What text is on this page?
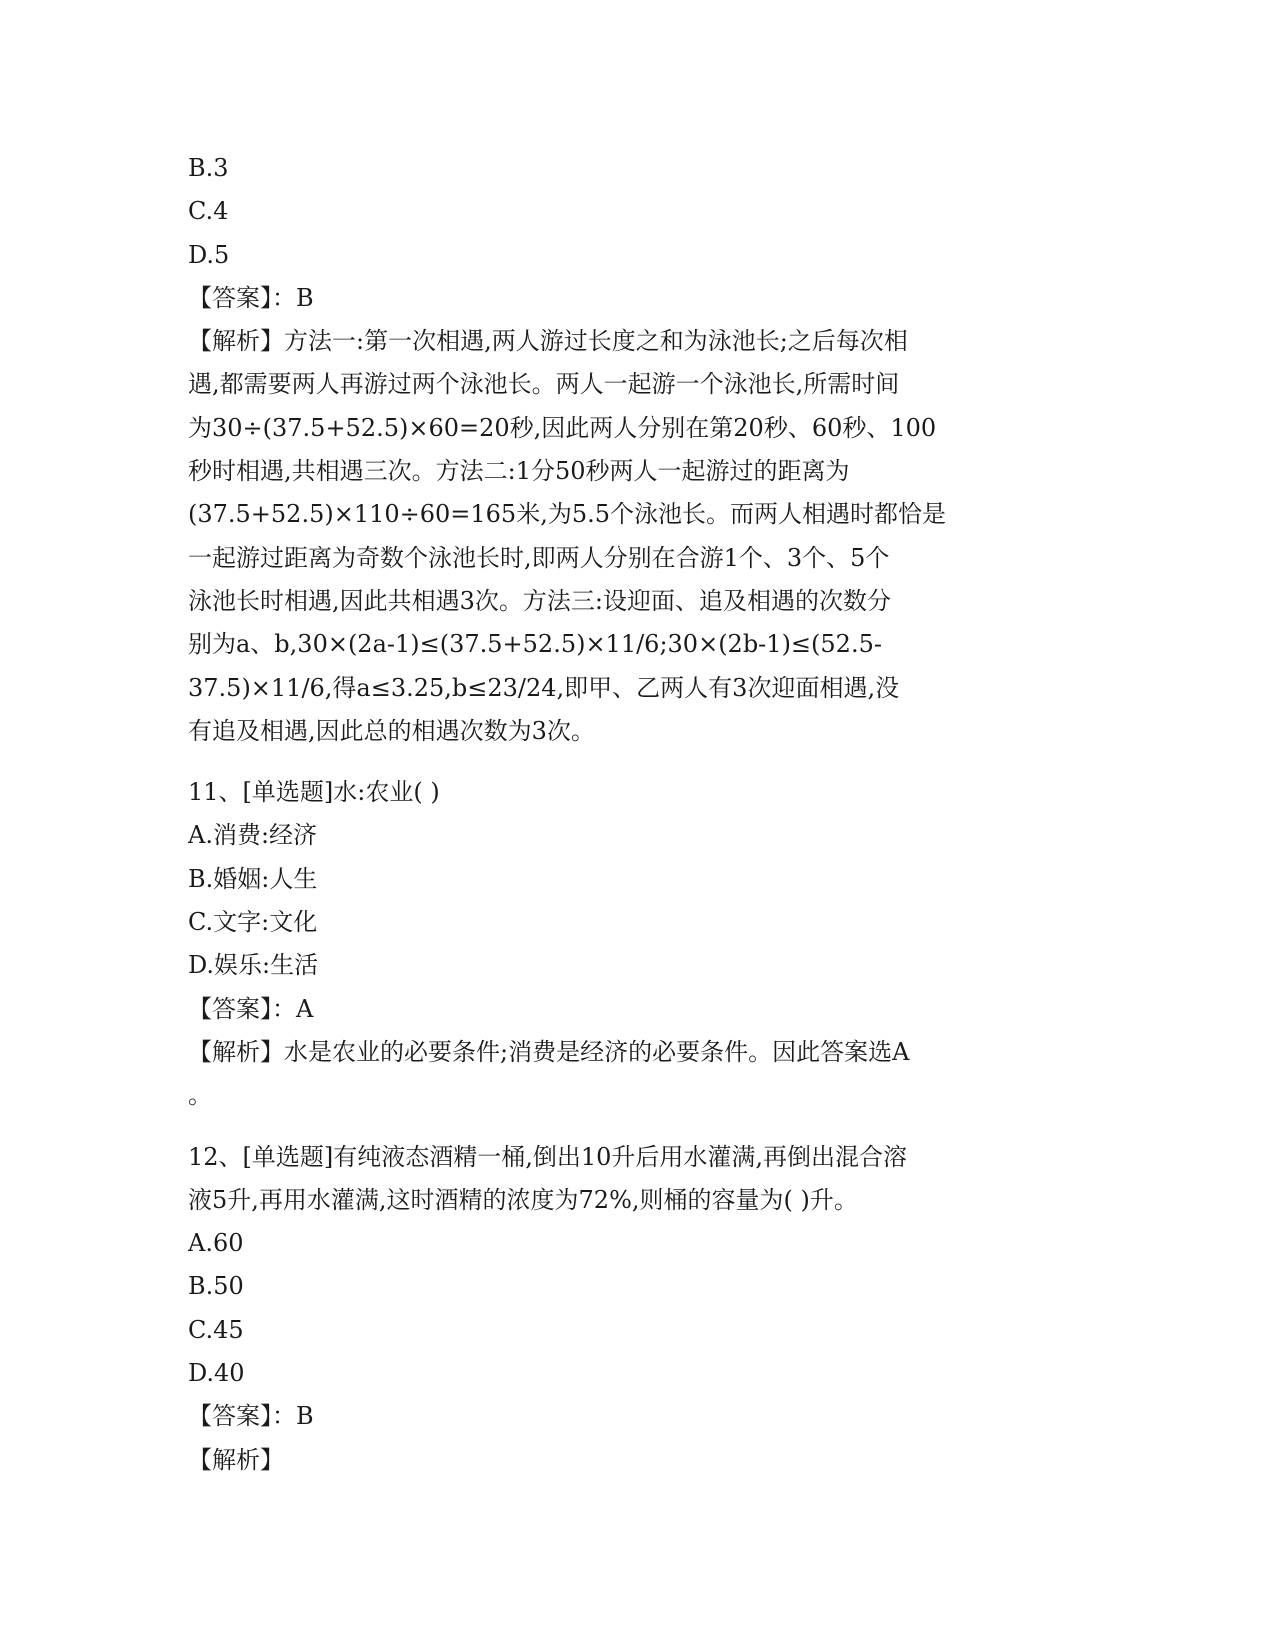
B.3
C.4
D.5
【答案】：B
【解析】方法一:第一次相遇,两人游过长度之和为泳池长;之后每次相
遇,都需要两人再游过两个泳池长。两人一起游一个泳池长,所需时间
为30÷(37.5+52.5)×60=20秒,因此两人分别在第20秒、60秒、100
秒时相遇,共相遇三次。方法二:1分50秒两人一起游过的距离为
(37.5+52.5)×110÷60=165米,为5.5个泳池长。而两人相遇时都恰是
一起游过距离为奇数个泳池长时,即两人分别在合游1个、3个、5个
泳池长时相遇,因此共相遇3次。方法三:设迎面、追及相遇的次数分
别为a、b,30×(2a-1)≤(37.5+52.5)×11/6;30×(2b-1)≤(52.5-
37.5)×11/6,得a≤3.25,b≤23/24,即甲、乙两人有3次迎面相遇,没
有追及相遇,因此总的相遇次数为3次。
11、[单选题]水:农业( )
A.消费:经济
B.婚姻:人生
C.文字:文化
D.娱乐:生活
【答案】：A
【解析】水是农业的必要条件;消费是经济的必要条件。因此答案选A
。
12、[单选题]有纯液态酒精一桶,倒出10升后用水灌满,再倒出混合溶
液5升,再用水灌满,这时酒精的浓度为72%,则桶的容量为( )升。
A.60
B.50
C.45
D.40
【答案】：B
【解析】
